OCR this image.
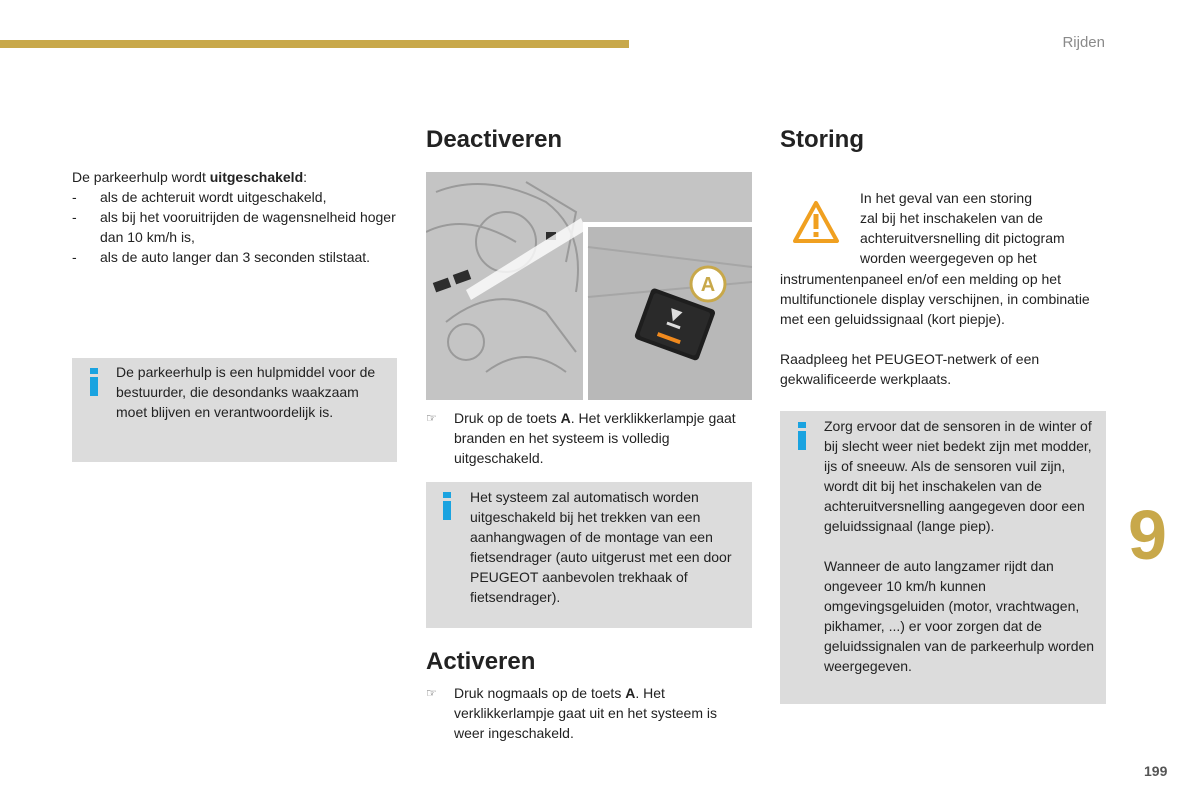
Rijden
9
199
De parkeerhulp wordt uitgeschakeld:
- als de achteruit wordt uitgeschakeld,
- als bij het vooruitrijden de wagensnelheid hoger dan 10 km/h is,
- als de auto langer dan 3 seconden stilstaat.
De parkeerhulp is een hulpmiddel voor de bestuurder, die desondanks waakzaam moet blijven en verantwoordelijk is.
Deactiveren
A
☞ Druk op de toets A. Het verklikkerlampje gaat branden en het systeem is volledig uitgeschakeld.
Het systeem zal automatisch worden uitgeschakeld bij het trekken van een aanhangwagen of de montage van een fietsendrager (auto uitgerust met een door PEUGEOT aanbevolen trekhaak of fietsendrager).
Activeren
☞ Druk nogmaals op de toets A. Het verklikkerlampje gaat uit en het systeem is weer ingeschakeld.
Storing
In het geval van een storing
zal bij het inschakelen van de
achteruitversnelling dit pictogram
worden weergegeven op het
instrumentenpaneel en/of een melding op het multifunctionele display verschijnen, in combinatie met een geluidssignaal (kort piepje).
Raadpleeg het PEUGEOT-netwerk of een gekwalificeerde werkplaats.
Zorg ervoor dat de sensoren in de winter of bij slecht weer niet bedekt zijn met modder, ijs of sneeuw. Als de sensoren vuil zijn, wordt dit bij het inschakelen van de achteruitversnelling aangegeven door een geluidssignaal (lange piep).
Wanneer de auto langzamer rijdt dan ongeveer 10 km/h kunnen omgevingsgeluiden (motor, vrachtwagen, pikhamer, ...) er voor zorgen dat de geluidssignalen van de parkeerhulp worden weergegeven.
